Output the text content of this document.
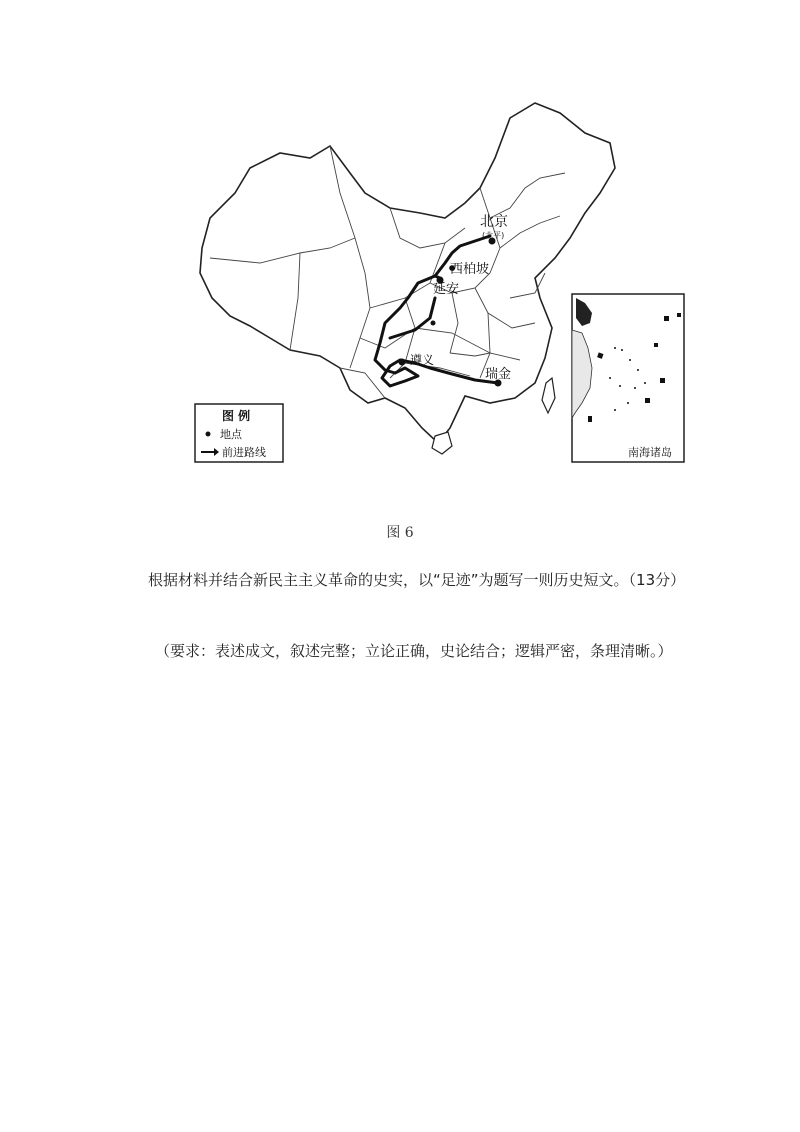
北京
(北平)
西柏坡
延安
遵义
瑞金
图 例
地点
前进路线	南海诸岛
图 6
根据材料并结合新民主主义革命的史实，以“足迹”为题写一则历史短文。（13分）
（要求：表述成文，叙述完整；立论正确，史论结合；逻辑严密，条理清晰。）
